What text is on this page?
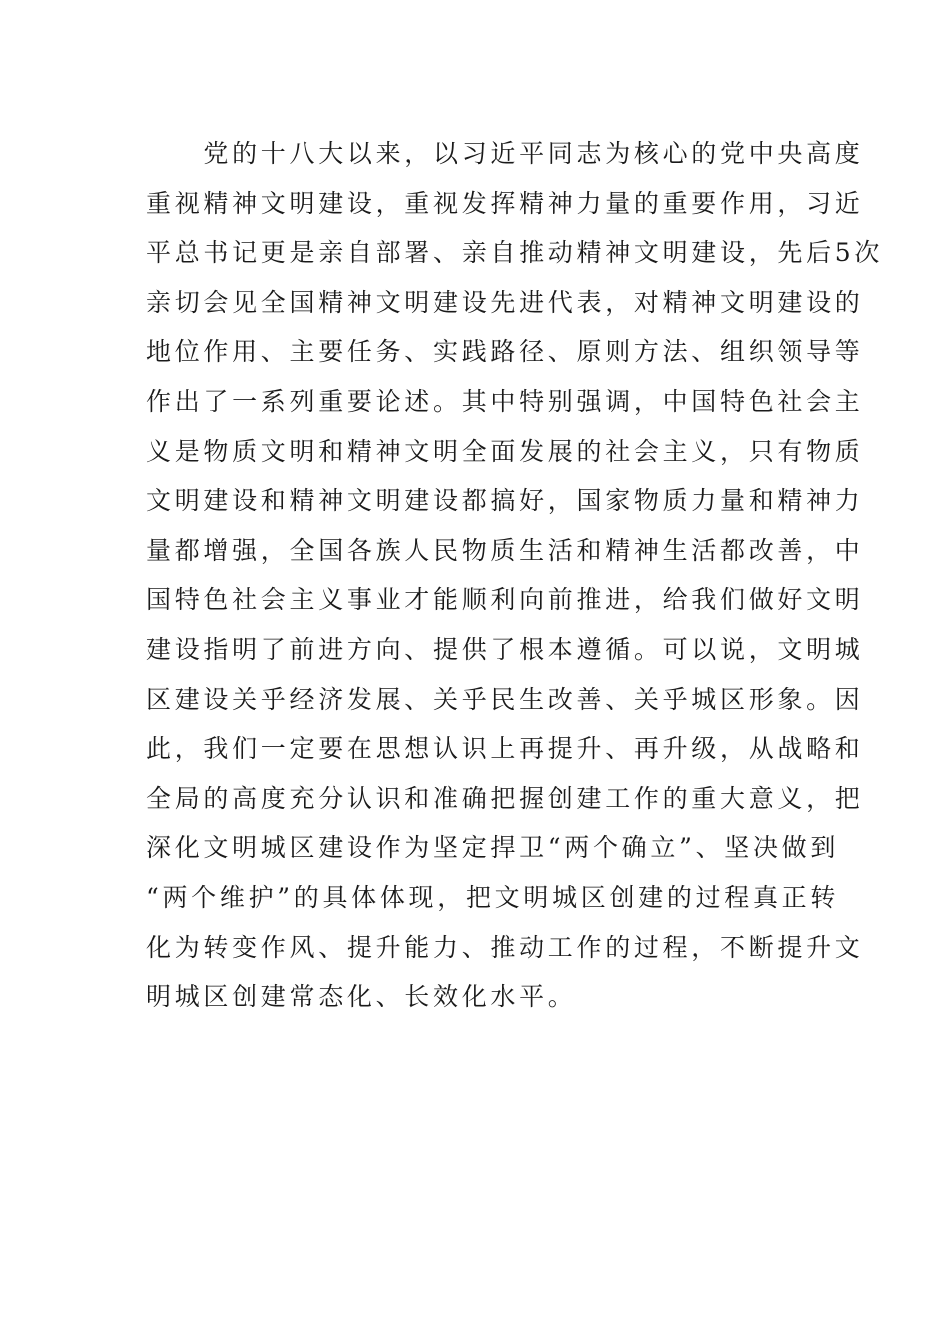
　　党的十八大以来，以习近平同志为核心的党中央高度
重视精神文明建设，重视发挥精神力量的重要作用，习近
平总书记更是亲自部署、亲自推动精神文明建设，先后5次
亲切会见全国精神文明建设先进代表，对精神文明建设的
地位作用、主要任务、实践路径、原则方法、组织领导等
作出了一系列重要论述。其中特别强调，中国特色社会主
义是物质文明和精神文明全面发展的社会主义，只有物质
文明建设和精神文明建设都搞好，国家物质力量和精神力
量都增强，全国各族人民物质生活和精神生活都改善，中
国特色社会主义事业才能顺利向前推进，给我们做好文明
建设指明了前进方向、提供了根本遵循。可以说，文明城
区建设关乎经济发展、关乎民生改善、关乎城区形象。因
此，我们一定要在思想认识上再提升、再升级，从战略和
全局的高度充分认识和准确把握创建工作的重大意义，把
深化文明城区建设作为坚定捍卫“两个确立”、坚决做到
“两个维护”的具体体现，把文明城区创建的过程真正转
化为转变作风、提升能力、推动工作的过程，不断提升文
明城区创建常态化、长效化水平。
